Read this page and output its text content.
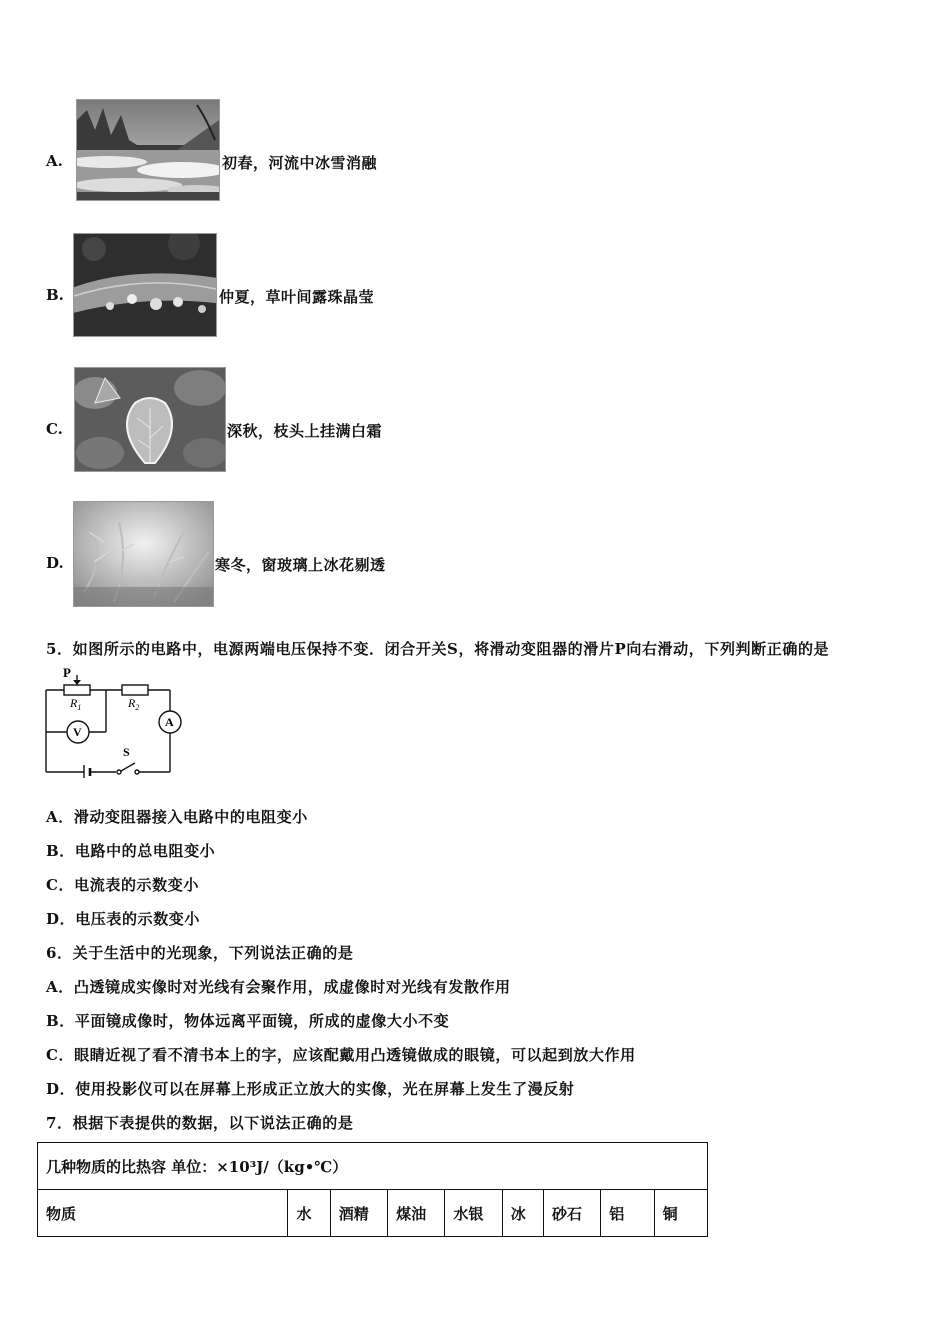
A.	初春，河流中冰雪消融
B.	仲夏，草叶间露珠晶莹
C.	深秋，枝头上挂满白霜
D.	寒冬，窗玻璃上冰花剔透
5．如图所示的电路中，电源两端电压保持不变．闭合开关S，将滑动变阻器的滑片P向右滑动，下列判断正确的是
P
$R_1$	$R_2$
V
A
S
A．滑动变阻器接入电路中的电阻变小
B．电路中的总电阻变小
C．电流表的示数变小
D．电压表的示数变小
6．关于生活中的光现象，下列说法正确的是
A．凸透镜成实像时对光线有会聚作用，成虚像时对光线有发散作用
B．平面镜成像时，物体远离平面镜，所成的虚像大小不变
C．眼睛近视了看不清书本上的字，应该配戴用凸透镜做成的眼镜，可以起到放大作用
D．使用投影仪可以在屏幕上形成正立放大的实像，光在屏幕上发生了漫反射
7．根据下表提供的数据，以下说法正确的是
几种物质的比热容 单位：×10³J/（kg•℃）
物质	水	酒精	煤油	水银	冰	砂石	铝	铜
